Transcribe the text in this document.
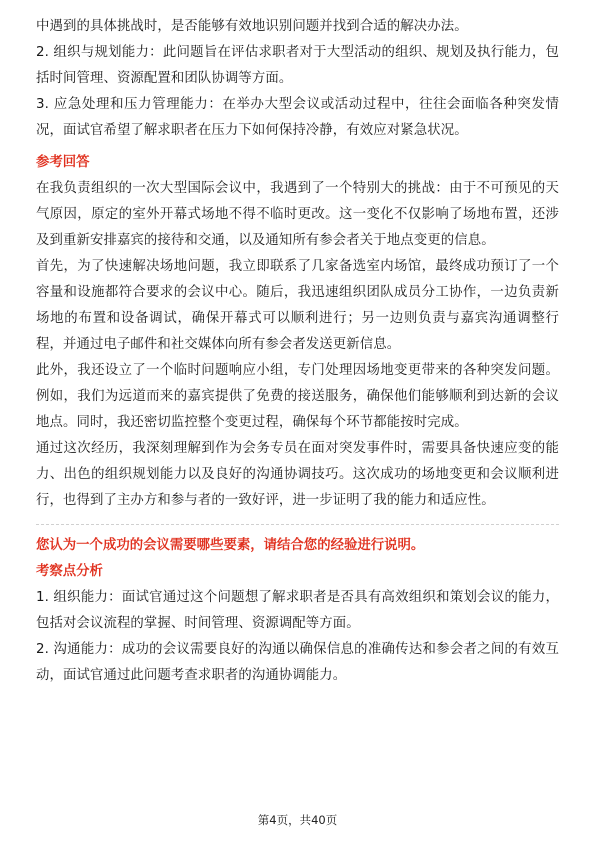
中遇到的具体挑战时，是否能够有效地识别问题并找到合适的解决办法。

2. 组织与规划能力：此问题旨在评估求职者对于大型活动的组织、规划及执行能力，包括时间管理、资源配置和团队协调等方面。

3. 应急处理和压力管理能力：在举办大型会议或活动过程中，往往会面临各种突发情况，面试官希望了解求职者在压力下如何保持冷静，有效应对紧急状况。

参考回答

在我负责组织的一次大型国际会议中，我遇到了一个特别大的挑战：由于不可预见的天气原因，原定的室外开幕式场地不得不临时更改。这一变化不仅影响了场地布置，还涉及到重新安排嘉宾的接待和交通，以及通知所有参会者关于地点变更的信息。

首先，为了快速解决场地问题，我立即联系了几家备选室内场馆，最终成功预订了一个容量和设施都符合要求的会议中心。随后，我迅速组织团队成员分工协作，一边负责新场地的布置和设备调试，确保开幕式可以顺利进行；另一边则负责与嘉宾沟通调整行程，并通过电子邮件和社交媒体向所有参会者发送更新信息。

此外，我还设立了一个临时问题响应小组，专门处理因场地变更带来的各种突发问题。例如，我们为远道而来的嘉宾提供了免费的接送服务，确保他们能够顺利到达新的会议地点。同时，我还密切监控整个变更过程，确保每个环节都能按时完成。

通过这次经历，我深刻理解到作为会务专员在面对突发事件时，需要具备快速应变的能力、出色的组织规划能力以及良好的沟通协调技巧。这次成功的场地变更和会议顺利进行，也得到了主办方和参与者的一致好评，进一步证明了我的能力和适应性。

您认为一个成功的会议需要哪些要素，请结合您的经验进行说明。
考察点分析

1. 组织能力：面试官通过这个问题想了解求职者是否具有高效组织和策划会议的能力，包括对会议流程的掌握、时间管理、资源调配等方面。

2. 沟通能力：成功的会议需要良好的沟通以确保信息的准确传达和参会者之间的有效互动，面试官通过此问题考查求职者的沟通协调能力。

第4页，共40页
